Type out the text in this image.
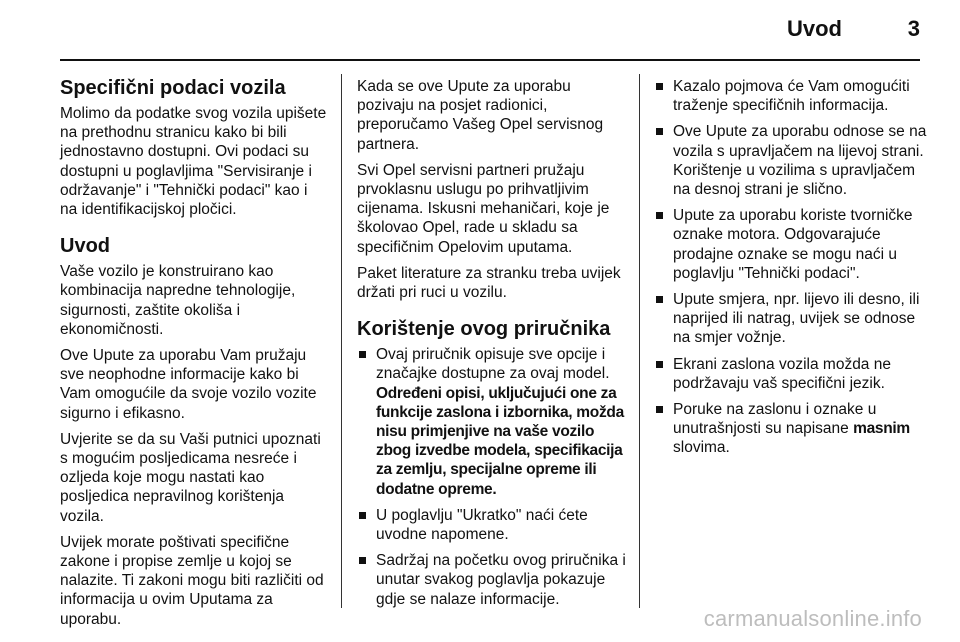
Uvod	3
Specifični podaci vozila

Molimo da podatke svog vozila upišete na prethodnu stranicu kako bi bili jednostavno dostupni. Ovi podaci su dostupni u poglavljima "Servisiranje i održavanje" i "Tehnički podaci" kao i na identifikacijskoj pločici.

Uvod

Vaše vozilo je konstruirano kao kombinacija napredne tehnologije, sigurnosti, zaštite okoliša i ekonomičnosti.

Ove Upute za uporabu Vam pružaju sve neophodne informacije kako bi Vam omogućile da svoje vozilo vozite sigurno i efikasno.

Uvjerite se da su Vaši putnici upoznati s mogućim posljedicama nesreće i ozljeda koje mogu nastati kao posljedica nepravilnog korištenja vozila.

Uvijek morate poštivati specifične zakone i propise zemlje u kojoj se nalazite. Ti zakoni mogu biti različiti od informacija u ovim Uputama za uporabu.

Kada se ove Upute za uporabu pozivaju na posjet radionici, preporučamo Vašeg Opel servisnog partnera.

Svi Opel servisni partneri pružaju prvoklasnu uslugu po prihvatljivim cijenama. Iskusni mehaničari, koje je školovao Opel, rade u skladu sa specifičnim Opelovim uputama.

Paket literature za stranku treba uvijek držati pri ruci u vozilu.

Korištenje ovog priručnika
Ovaj priručnik opisuje sve opcije i značajke dostupne za ovaj model. Određeni opisi, uključujući one za funkcije zaslona i izbornika, možda nisu primjenjive na vaše vozilo zbog izvedbe modela, specifikacija za zemlju, specijalne opreme ili dodatne opreme.
U poglavlju "Ukratko" naći ćete uvodne napomene.
Sadržaj na početku ovog priručnika i unutar svakog poglavlja pokazuje gdje se nalaze informacije.
Kazalo pojmova će Vam omogućiti traženje specifičnih informacija.
Ove Upute za uporabu odnose se na vozila s upravljačem na lijevoj strani. Korištenje u vozilima s upravljačem na desnoj strani je slično.
Upute za uporabu koriste tvorničke oznake motora. Odgovarajuće prodajne oznake se mogu naći u poglavlju "Tehnički podaci".
Upute smjera, npr. lijevo ili desno, ili naprijed ili natrag, uvijek se odnose na smjer vožnje.
Ekrani zaslona vozila možda ne podržavaju vaš specifični jezik.
Poruke na zaslonu i oznake u unutrašnjosti su napisane masnim slovima.
carmanualsonline.info
